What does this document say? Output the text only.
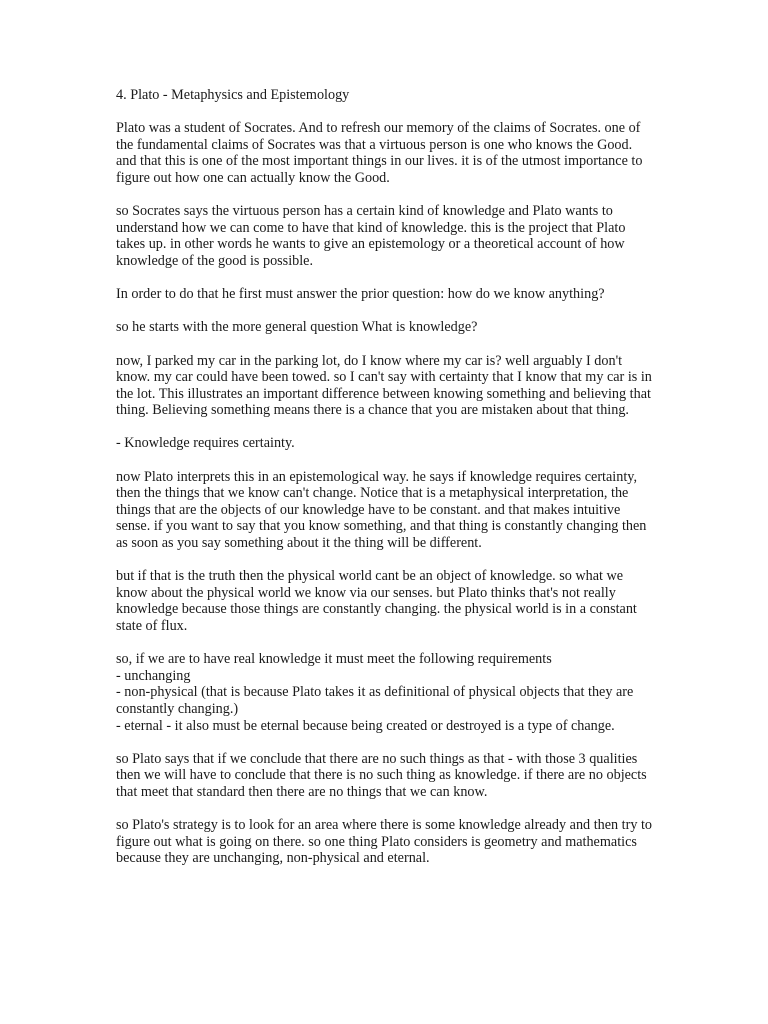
4. Plato - Metaphysics and Epistemology

Plato was a student of Socrates. And to refresh our memory of the claims of Socrates. one of the fundamental claims of Socrates was that a virtuous person is one who knows the Good. and that this is one of the most important things in our lives. it is of the utmost importance to figure out how one can actually know the Good.

so Socrates says the virtuous person has a certain kind of knowledge and Plato wants to understand how we can come to have that kind of knowledge. this is the project that Plato takes up. in other words he wants to give an epistemology or a theoretical account of how knowledge of the good is possible.

In order to do that he first must answer the prior question: how do we know anything?

so he starts with the more general question What is knowledge?

now, I parked my car in the parking lot, do I know where my car is? well arguably I don't know. my car could have been towed. so I can't say with certainty that I know that my car is in the lot. This illustrates an important difference between knowing something and believing that thing. Believing something means there is a chance that you are mistaken about that thing.

- Knowledge requires certainty.

now Plato interprets this in an epistemological way. he says if knowledge requires certainty, then the things that we know can't change. Notice that is a metaphysical interpretation, the things that are the objects of our knowledge have to be constant. and that makes intuitive sense. if you want to say that you know something, and that thing is constantly changing then as soon as you say something about it the thing will be different.

but if that is the truth then the physical world cant be an object of knowledge. so what we know about the physical world we know via our senses. but Plato thinks that's not really knowledge because those things are constantly changing. the physical world is in a constant state of flux.

so, if we are to have real knowledge it must meet the following requirements
- unchanging
- non-physical (that is because Plato takes it as definitional of physical objects that they are constantly changing.)
- eternal - it also must be eternal because being created or destroyed is a type of change.

so Plato says that if we conclude that there are no such things as that - with those 3 qualities then we will have to conclude that there is no such thing as knowledge. if there are no objects that meet that standard then there are no things that we can know.

so Plato's strategy is to look for an area where there is some knowledge already and then try to figure out what is going on there. so one thing Plato considers is geometry and mathematics because they are unchanging, non-physical and eternal.
